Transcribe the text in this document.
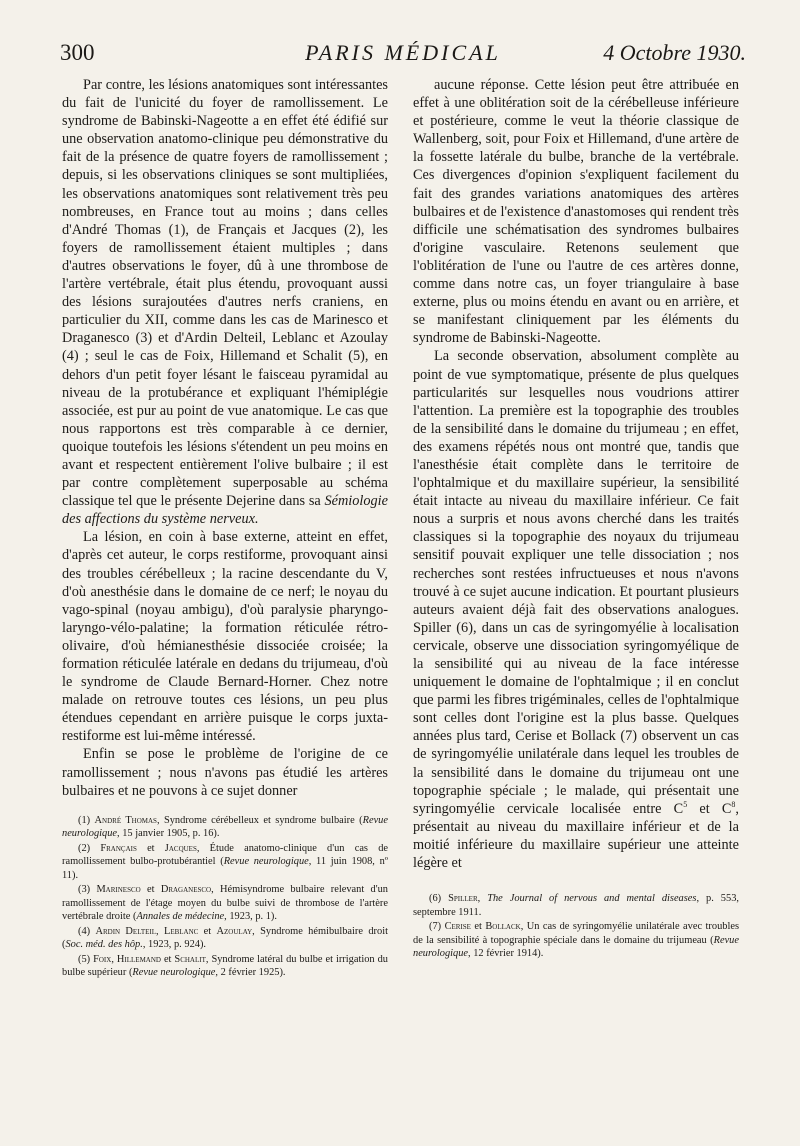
300	PARIS MÉDICAL	4 Octobre 1930.

Par contre, les lésions anatomiques sont intéressantes du fait de l'unicité du foyer de ramollissement. Le syndrome de Babinski-Nageotte a en effet été édifié sur une observation anatomo-clinique peu démonstrative du fait de la présence de quatre foyers de ramollissement ; depuis, si les observations cliniques se sont multipliées, les observations anatomiques sont relativement très peu nombreuses, en France tout au moins ; dans celles d'André Thomas (1), de Français et Jacques (2), les foyers de ramollissement étaient multiples ; dans d'autres observations le foyer, dû à une thrombose de l'artère vertébrale, était plus étendu, provoquant aussi des lésions surajoutées d'autres nerfs craniens, en particulier du XII, comme dans les cas de Marinesco et Draganesco (3) et d'Ardin Delteil, Leblanc et Azoulay (4) ; seul le cas de Foix, Hillemand et Schalit (5), en dehors d'un petit foyer lésant le faisceau pyramidal au niveau de la protubérance et expliquant l'hémiplégie associée, est pur au point de vue anatomique. Le cas que nous rapportons est très comparable à ce dernier, quoique toutefois les lésions s'étendent un peu moins en avant et respectent entièrement l'olive bulbaire ; il est par contre complètement superposable au schéma classique tel que le présente Dejerine dans sa Sémiologie des affections du système nerveux.

La lésion, en coin à base externe, atteint en effet, d'après cet auteur, le corps restiforme, provoquant ainsi des troubles cérébelleux ; la racine descendante du V, d'où anesthésie dans le domaine de ce nerf; le noyau du vago-spinal (noyau ambigu), d'où paralysie pharyngo-laryngo-vélo-palatine; la formation réticulée rétro-olivaire, d'où hémianesthésie dissociée croisée; la formation réticulée latérale en dedans du trijumeau, d'où le syndrome de Claude Bernard-Horner. Chez notre malade on retrouve toutes ces lésions, un peu plus étendues cependant en arrière puisque le corps juxta-restiforme est lui-même intéressé.

Enfin se pose le problème de l'origine de ce ramollissement ; nous n'avons pas étudié les artères bulbaires et ne pouvons à ce sujet donner

(1) André Thomas, Syndrome cérébelleux et syndrome bulbaire (Revue neurologique, 15 janvier 1905, p. 16).

(2) Français et Jacques, Étude anatomo-clinique d'un cas de ramollissement bulbo-protubérantiel (Revue neurologique, 11 juin 1908, nº 11).

(3) Marinesco et Draganesco, Hémisyndrome bulbaire relevant d'un ramollissement de l'étage moyen du bulbe suivi de thrombose de l'artère vertébrale droite (Annales de médecine, 1923, p. 1).

(4) Ardin Delteil, Leblanc et Azoulay, Syndrome hémibulbaire droit (Soc. méd. des hôp., 1923, p. 924).

(5) Foix, Hillemand et Schalit, Syndrome latéral du bulbe et irrigation du bulbe supérieur (Revue neurologique, 2 février 1925).

aucune réponse. Cette lésion peut être attribuée en effet à une oblitération soit de la cérébelleuse inférieure et postérieure, comme le veut la théorie classique de Wallenberg, soit, pour Foix et Hillemand, d'une artère de la fossette latérale du bulbe, branche de la vertébrale. Ces divergences d'opinion s'expliquent facilement du fait des grandes variations anatomiques des artères bulbaires et de l'existence d'anastomoses qui rendent très difficile une schématisation des syndromes bulbaires d'origine vasculaire. Retenons seulement que l'oblitération de l'une ou l'autre de ces artères donne, comme dans notre cas, un foyer triangulaire à base externe, plus ou moins étendu en avant ou en arrière, et se manifestant cliniquement par les éléments du syndrome de Babinski-Nageotte.

La seconde observation, absolument complète au point de vue symptomatique, présente de plus quelques particularités sur lesquelles nous voudrions attirer l'attention. La première est la topographie des troubles de la sensibilité dans le domaine du trijumeau ; en effet, des examens répétés nous ont montré que, tandis que l'anesthésie était complète dans le territoire de l'ophtalmique et du maxillaire supérieur, la sensibilité était intacte au niveau du maxillaire inférieur. Ce fait nous a surpris et nous avons cherché dans les traités classiques si la topographie des noyaux du trijumeau sensitif pouvait expliquer une telle dissociation ; nos recherches sont restées infructueuses et nous n'avons trouvé à ce sujet aucune indication. Et pourtant plusieurs auteurs avaient déjà fait des observations analogues. Spiller (6), dans un cas de syringomyélie à localisation cervicale, observe une dissociation syringomyélique de la sensibilité qui au niveau de la face intéresse uniquement le domaine de l'ophtalmique ; il en conclut que parmi les fibres trigéminales, celles de l'ophtalmique sont celles dont l'origine est la plus basse. Quelques années plus tard, Cerise et Bollack (7) observent un cas de syringomyélie unilatérale dans lequel les troubles de la sensibilité dans le domaine du trijumeau ont une topographie spéciale ; le malade, qui présentait une syringomyélie cervicale localisée entre $C^5$ et $C^8$, présentait au niveau du maxillaire inférieur et de la moitié inférieure du maxillaire supérieur une atteinte légère et

(6) Spiller, The Journal of nervous and mental diseases, p. 553, septembre 1911.

(7) Cerise et Bollack, Un cas de syringomyélie unilatérale avec troubles de la sensibilité à topographie spéciale dans le domaine du trijumeau (Revue neurologique, 12 février 1914).
